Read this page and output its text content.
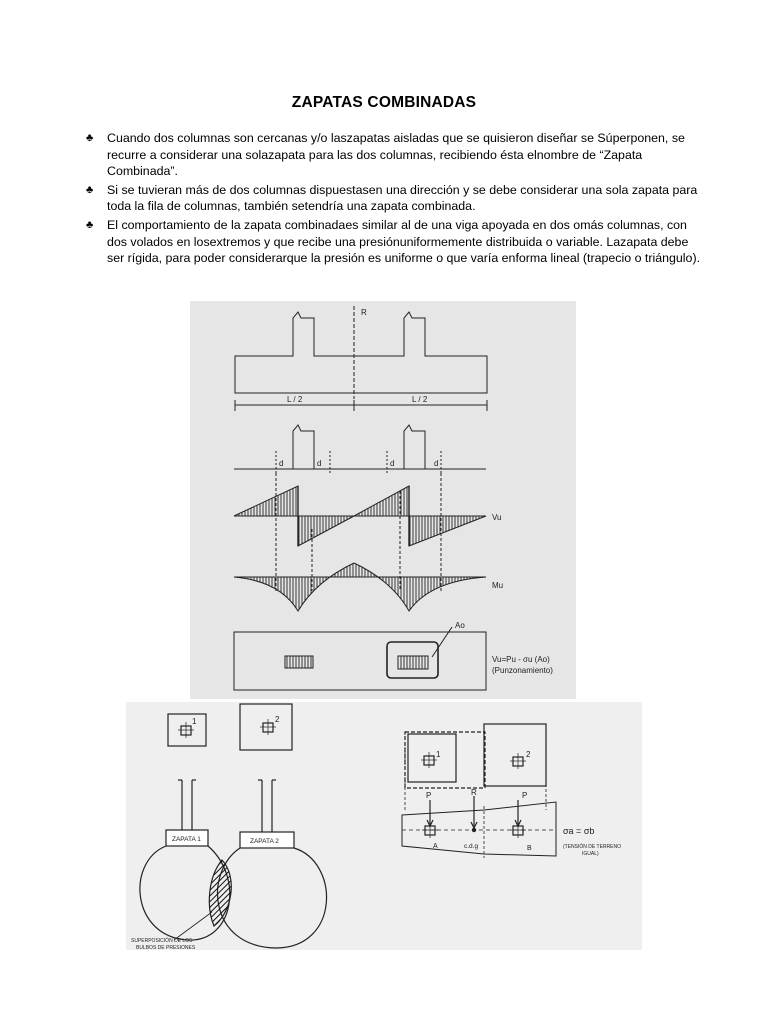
ZAPATAS COMBINADAS
♣ Cuando dos columnas son cercanas y/o laszapatas aisladas que se quisieron diseñar se Súperponen, se recurre a considerar una solazapata para las dos columnas, recibiendo ésta elnombre de “Zapata Combinada”.
♣ Si se tuvieran más de dos columnas dispuestasen una dirección y se debe considerar una sola zapata para toda la fila de columnas, también setendría una zapata combinada.
♣ El comportamiento de la zapata combinadaes similar al de una viga apoyada en dos omás columnas, con dos volados en losextremos y que recibe una presiónuniformemente distribuida o variable. Lazapata debe ser rígida, para poder considerarque la presión es uniforme o que varía enforma lineal (trapecio o triángulo).
R
L / 2	L / 2
d	d	d	d
Vu
Mu
Ao
Vu=Pu - σu (Ao)
(Punzonamiento)
1	2
ZAPATA 1	ZAPATA 2
SUPERPOSICIÓN DE LOS
BULBOS DE PRESIONES
1	2
P	R	P
A	c.d.g	B
σa = σb
(TENSIÓN DE TERRENO
IGUAL)
